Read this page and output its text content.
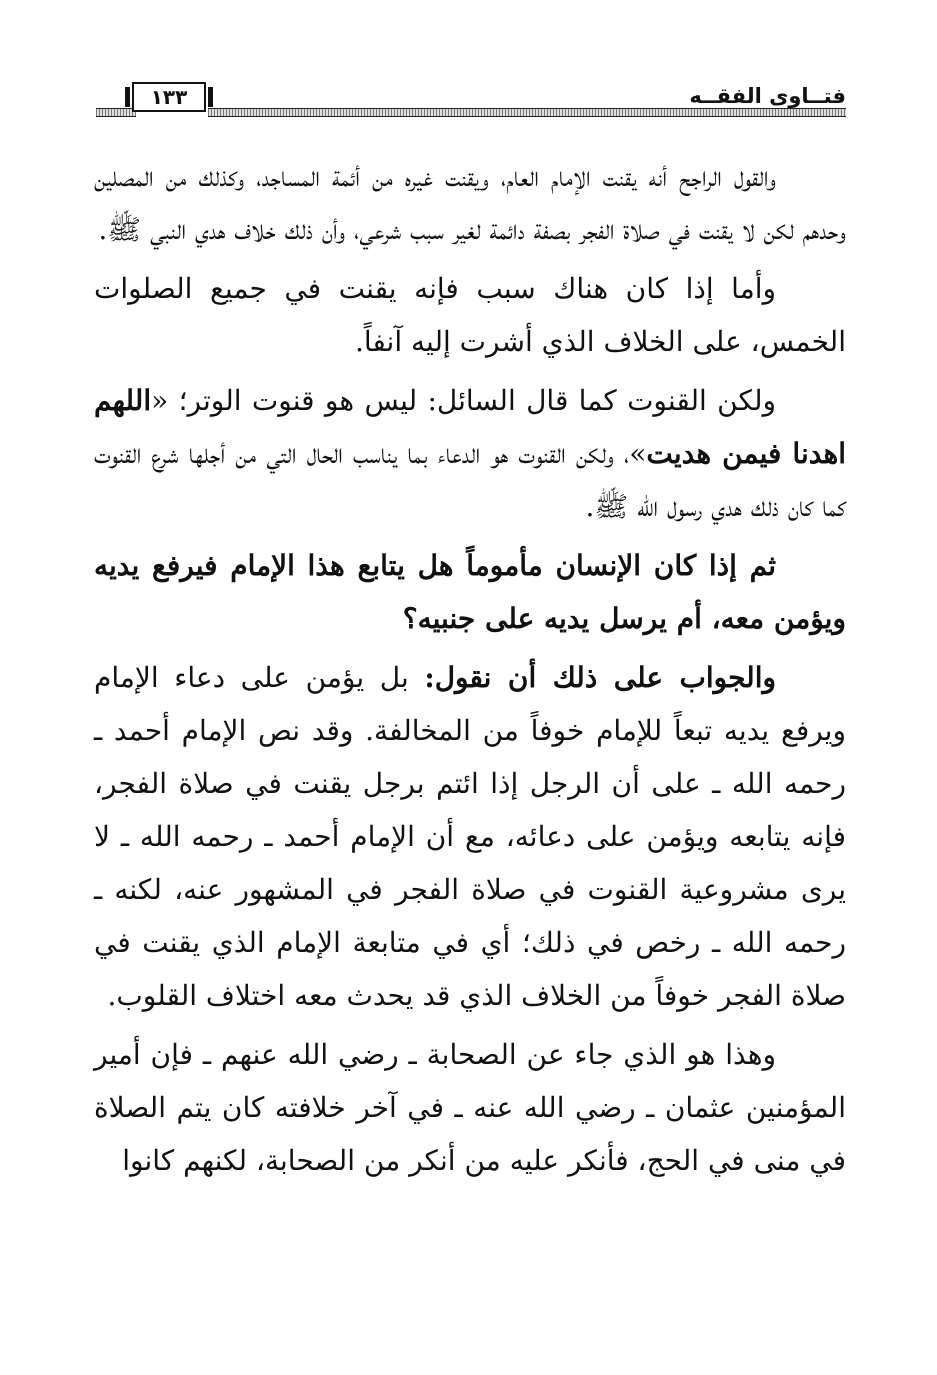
فتــاوى الفقــه
١٣٣

والقول الراجح أنه يقنت الإمام العام، ويقنت غيره من أئمة المساجد، وكذلك من المصلين وحدهم لكن لا يقنت في صلاة الفجر بصفة دائمة لغير سبب شرعي، وأن ذلك خلاف هدي النبي ﷺ.

وأما إذا كان هناك سبب فإنه يقنت في جميع الصلوات الخمس، على الخلاف الذي أشرت إليه آنفاً.

ولكن القنوت كما قال السائل: ليس هو قنوت الوتر؛ «اللهم اهدنا فيمن هديت»، ولكن القنوت هو الدعاء بما يناسب الحال التي من أجلها شرع القنوت كما كان ذلك هدي رسول الله ﷺ.

ثم إذا كان الإنسان مأموماً هل يتابع هذا الإمام فيرفع يديه ويؤمن معه، أم يرسل يديه على جنبيه؟

والجواب على ذلك أن نقول: بل يؤمن على دعاء الإمام ويرفع يديه تبعاً للإمام خوفاً من المخالفة. وقد نص الإمام أحمد ـ رحمه الله ـ على أن الرجل إذا ائتم برجل يقنت في صلاة الفجر، فإنه يتابعه ويؤمن على دعائه، مع أن الإمام أحمد ـ رحمه الله ـ لا يرى مشروعية القنوت في صلاة الفجر في المشهور عنه، لكنه ـ رحمه الله ـ رخص في ذلك؛ أي في متابعة الإمام الذي يقنت في صلاة الفجر خوفاً من الخلاف الذي قد يحدث معه اختلاف القلوب.

وهذا هو الذي جاء عن الصحابة ـ رضي الله عنهم ـ فإن أمير المؤمنين عثمان ـ رضي الله عنه ـ في آخر خلافته كان يتم الصلاة في منى في الحج، فأنكر عليه من أنكر من الصحابة، لكنهم كانوا
